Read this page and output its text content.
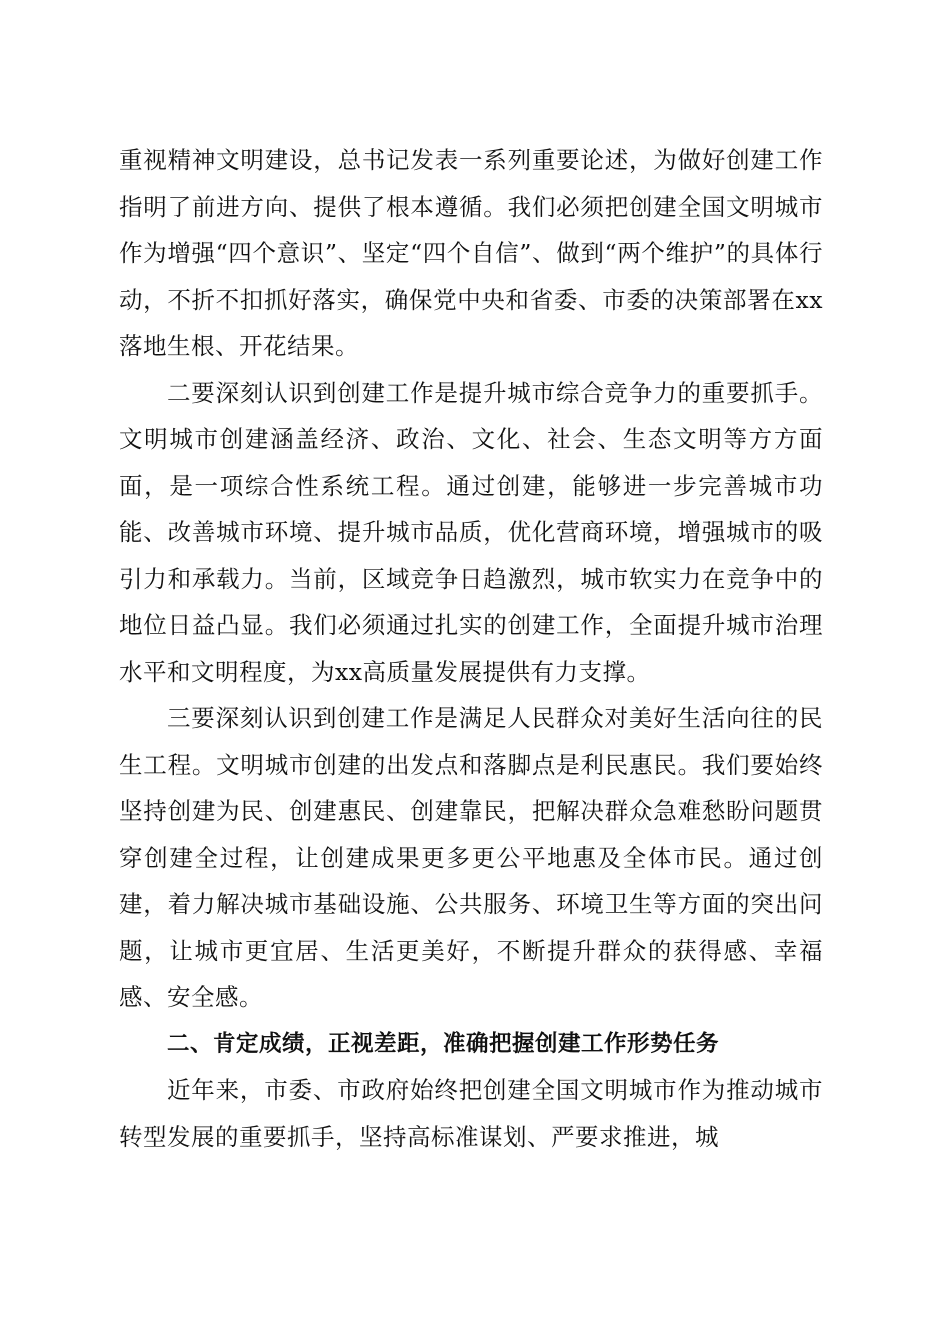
重视精神文明建设，总书记发表一系列重要论述，为做好创建工作指明了前进方向、提供了根本遵循。我们必须把创建全国文明城市作为增强“四个意识”、坚定“四个自信”、做到“两个维护”的具体行动，不折不扣抓好落实，确保党中央和省委、市委的决策部署在xx落地生根、开花结果。

二要深刻认识到创建工作是提升城市综合竞争力的重要抓手。文明城市创建涵盖经济、政治、文化、社会、生态文明等方方面面，是一项综合性系统工程。通过创建，能够进一步完善城市功能、改善城市环境、提升城市品质，优化营商环境，增强城市的吸引力和承载力。当前，区域竞争日趋激烈，城市软实力在竞争中的地位日益凸显。我们必须通过扎实的创建工作，全面提升城市治理水平和文明程度，为xx高质量发展提供有力支撑。

三要深刻认识到创建工作是满足人民群众对美好生活向往的民生工程。文明城市创建的出发点和落脚点是利民惠民。我们要始终坚持创建为民、创建惠民、创建靠民，把解决群众急难愁盼问题贯穿创建全过程，让创建成果更多更公平地惠及全体市民。通过创建，着力解决城市基础设施、公共服务、环境卫生等方面的突出问题，让城市更宜居、生活更美好，不断提升群众的获得感、幸福感、安全感。

二、肯定成绩，正视差距，准确把握创建工作形势任务

近年来，市委、市政府始终把创建全国文明城市作为推动城市转型发展的重要抓手，坚持高标准谋划、严要求推进，城
